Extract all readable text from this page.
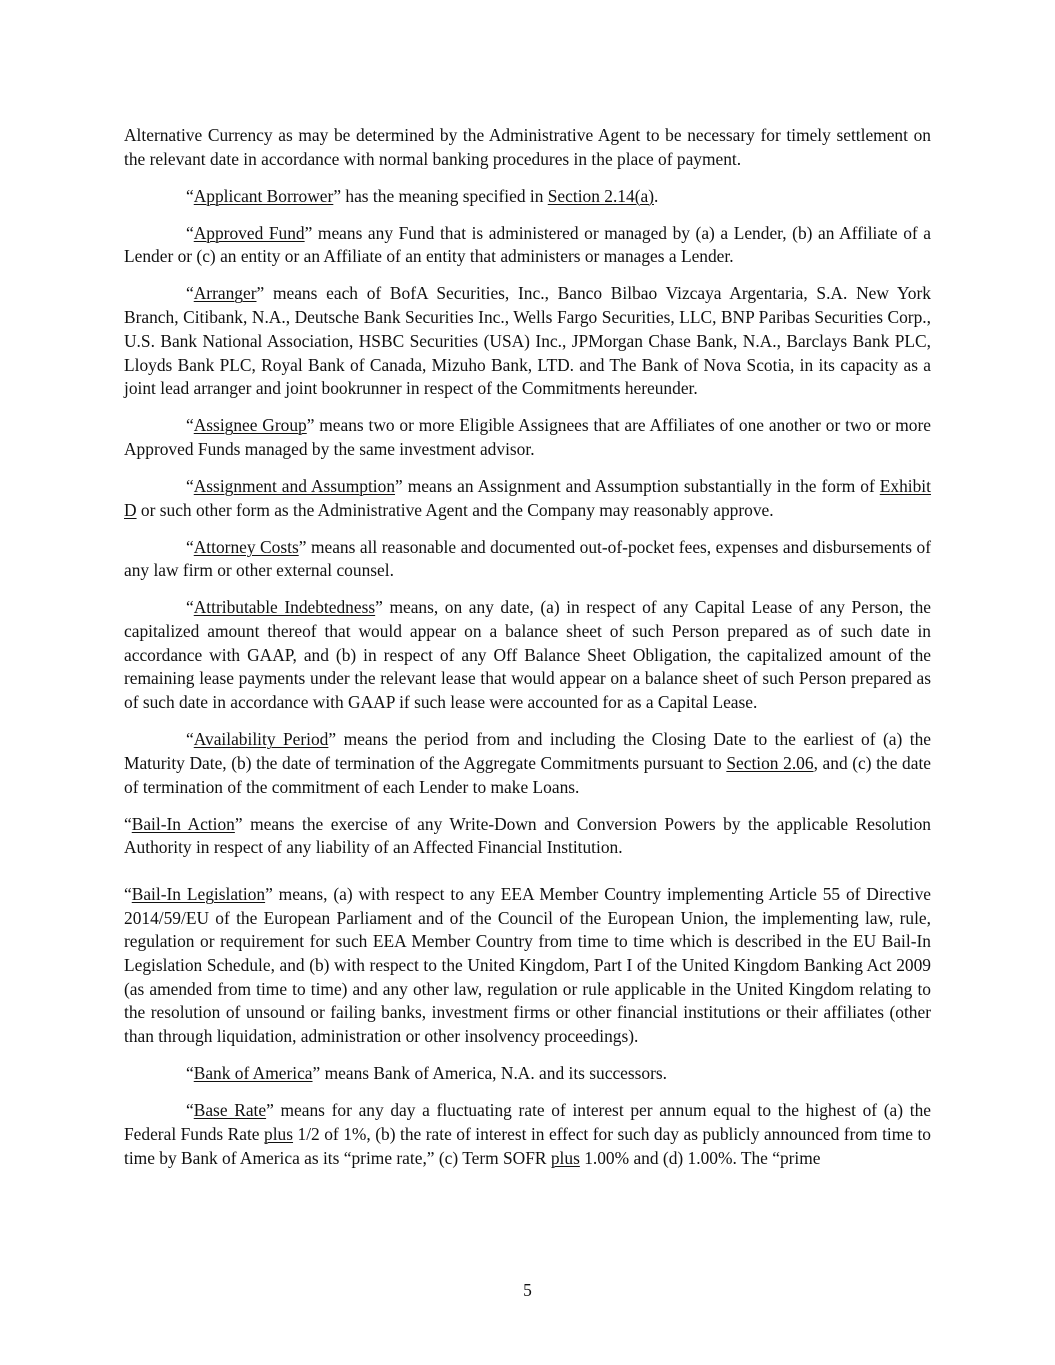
Alternative Currency as may be determined by the Administrative Agent to be necessary for timely settlement on the relevant date in accordance with normal banking procedures in the place of payment.

“Applicant Borrower” has the meaning specified in Section 2.14(a).

“Approved Fund” means any Fund that is administered or managed by (a) a Lender, (b) an Affiliate of a Lender or (c) an entity or an Affiliate of an entity that administers or manages a Lender.

“Arranger” means each of BofA Securities, Inc., Banco Bilbao Vizcaya Argentaria, S.A. New York Branch, Citibank, N.A., Deutsche Bank Securities Inc., Wells Fargo Securities, LLC, BNP Paribas Securities Corp., U.S. Bank National Association, HSBC Securities (USA) Inc., JPMorgan Chase Bank, N.A., Barclays Bank PLC, Lloyds Bank PLC, Royal Bank of Canada, Mizuho Bank, LTD. and The Bank of Nova Scotia, in its capacity as a joint lead arranger and joint bookrunner in respect of the Commitments hereunder.

“Assignee Group” means two or more Eligible Assignees that are Affiliates of one another or two or more Approved Funds managed by the same investment advisor.

“Assignment and Assumption” means an Assignment and Assumption substantially in the form of Exhibit D or such other form as the Administrative Agent and the Company may reasonably approve.

“Attorney Costs” means all reasonable and documented out-of-pocket fees, expenses and disbursements of any law firm or other external counsel.

“Attributable Indebtedness” means, on any date, (a) in respect of any Capital Lease of any Person, the capitalized amount thereof that would appear on a balance sheet of such Person prepared as of such date in accordance with GAAP, and (b) in respect of any Off Balance Sheet Obligation, the capitalized amount of the remaining lease payments under the relevant lease that would appear on a balance sheet of such Person prepared as of such date in accordance with GAAP if such lease were accounted for as a Capital Lease.

“Availability Period” means the period from and including the Closing Date to the earliest of (a) the Maturity Date, (b) the date of termination of the Aggregate Commitments pursuant to Section 2.06, and (c) the date of termination of the commitment of each Lender to make Loans.

“Bail-In Action” means the exercise of any Write-Down and Conversion Powers by the applicable Resolution Authority in respect of any liability of an Affected Financial Institution.

“Bail-In Legislation” means, (a) with respect to any EEA Member Country implementing Article 55 of Directive 2014/59/EU of the European Parliament and of the Council of the European Union, the implementing law, rule, regulation or requirement for such EEA Member Country from time to time which is described in the EU Bail-In Legislation Schedule, and (b) with respect to the United Kingdom, Part I of the United Kingdom Banking Act 2009 (as amended from time to time) and any other law, regulation or rule applicable in the United Kingdom relating to the resolution of unsound or failing banks, investment firms or other financial institutions or their affiliates (other than through liquidation, administration or other insolvency proceedings).

“Bank of America” means Bank of America, N.A. and its successors.

“Base Rate” means for any day a fluctuating rate of interest per annum equal to the highest of (a) the Federal Funds Rate plus 1/2 of 1%, (b) the rate of interest in effect for such day as publicly announced from time to time by Bank of America as its “prime rate,” (c) Term SOFR plus 1.00% and (d) 1.00%. The “prime

5
